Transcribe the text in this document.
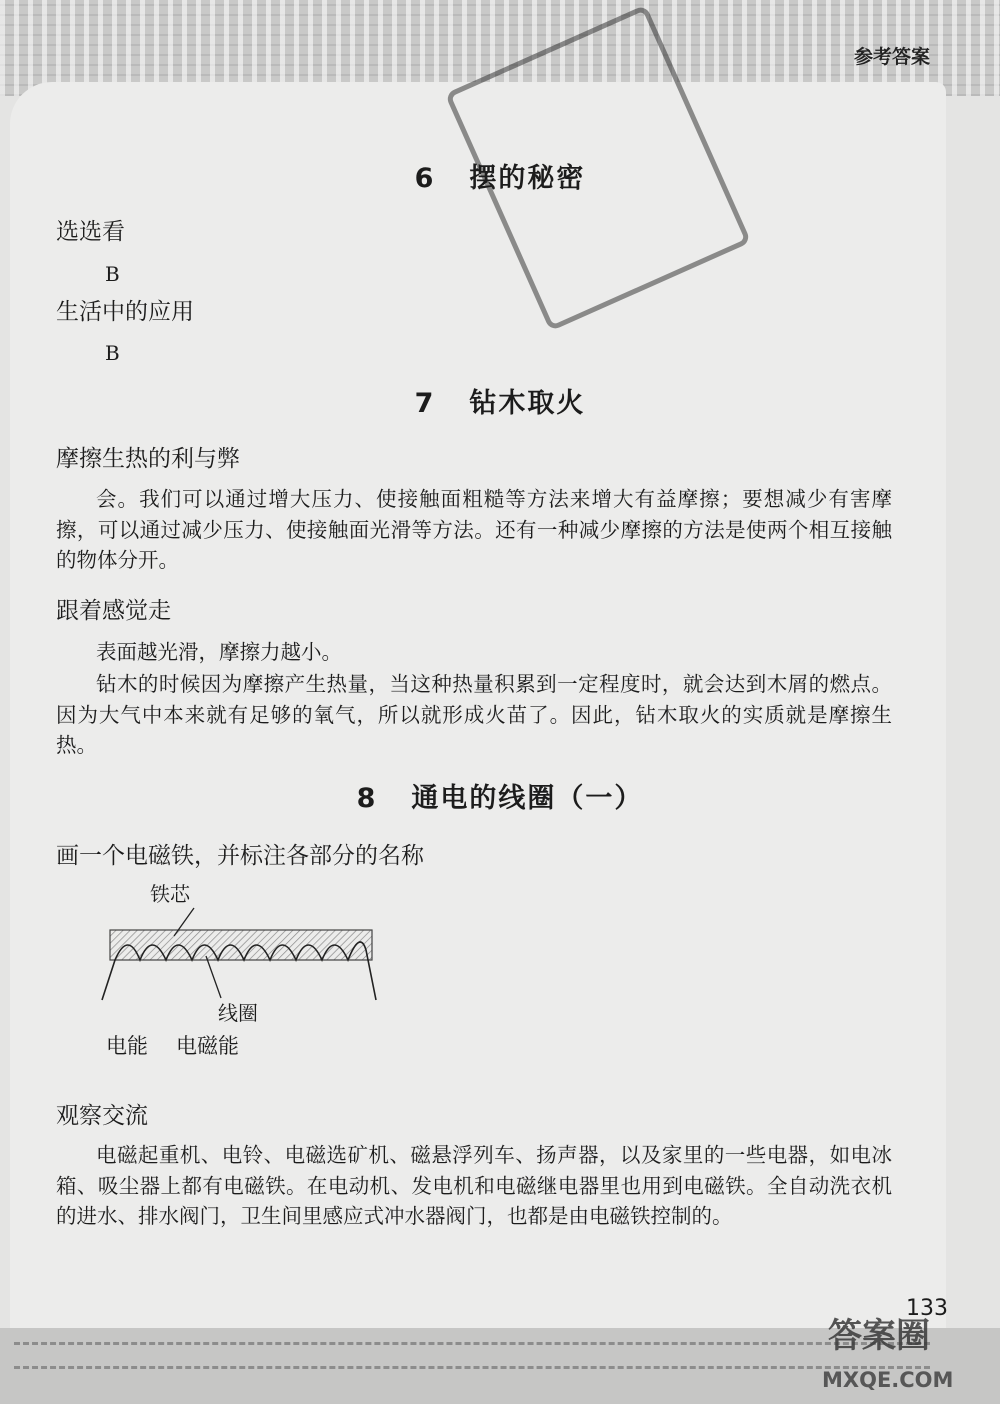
参考答案
6 摆的秘密
选选看
B
生活中的应用
B
7 钻木取火
摩擦生热的利与弊
会。我们可以通过增大压力、使接触面粗糙等方法来增大有益摩擦；要想减少有害摩擦，可以通过减少压力、使接触面光滑等方法。还有一种减少摩擦的方法是使两个相互接触的物体分开。
跟着感觉走
表面越光滑，摩擦力越小。
钻木的时候因为摩擦产生热量，当这种热量积累到一定程度时，就会达到木屑的燃点。因为大气中本来就有足够的氧气，所以就形成火苗了。因此，钻木取火的实质就是摩擦生热。
8 通电的线圈（一）
画一个电磁铁，并标注各部分的名称
铁芯
线圈
电能 电磁能
观察交流
电磁起重机、电铃、电磁选矿机、磁悬浮列车、扬声器，以及家里的一些电器，如电冰箱、吸尘器上都有电磁铁。在电动机、发电机和电磁继电器里也用到电磁铁。全自动洗衣机的进水、排水阀门，卫生间里感应式冲水器阀门，也都是由电磁铁控制的。
133
答案圈
MXQE.COM
